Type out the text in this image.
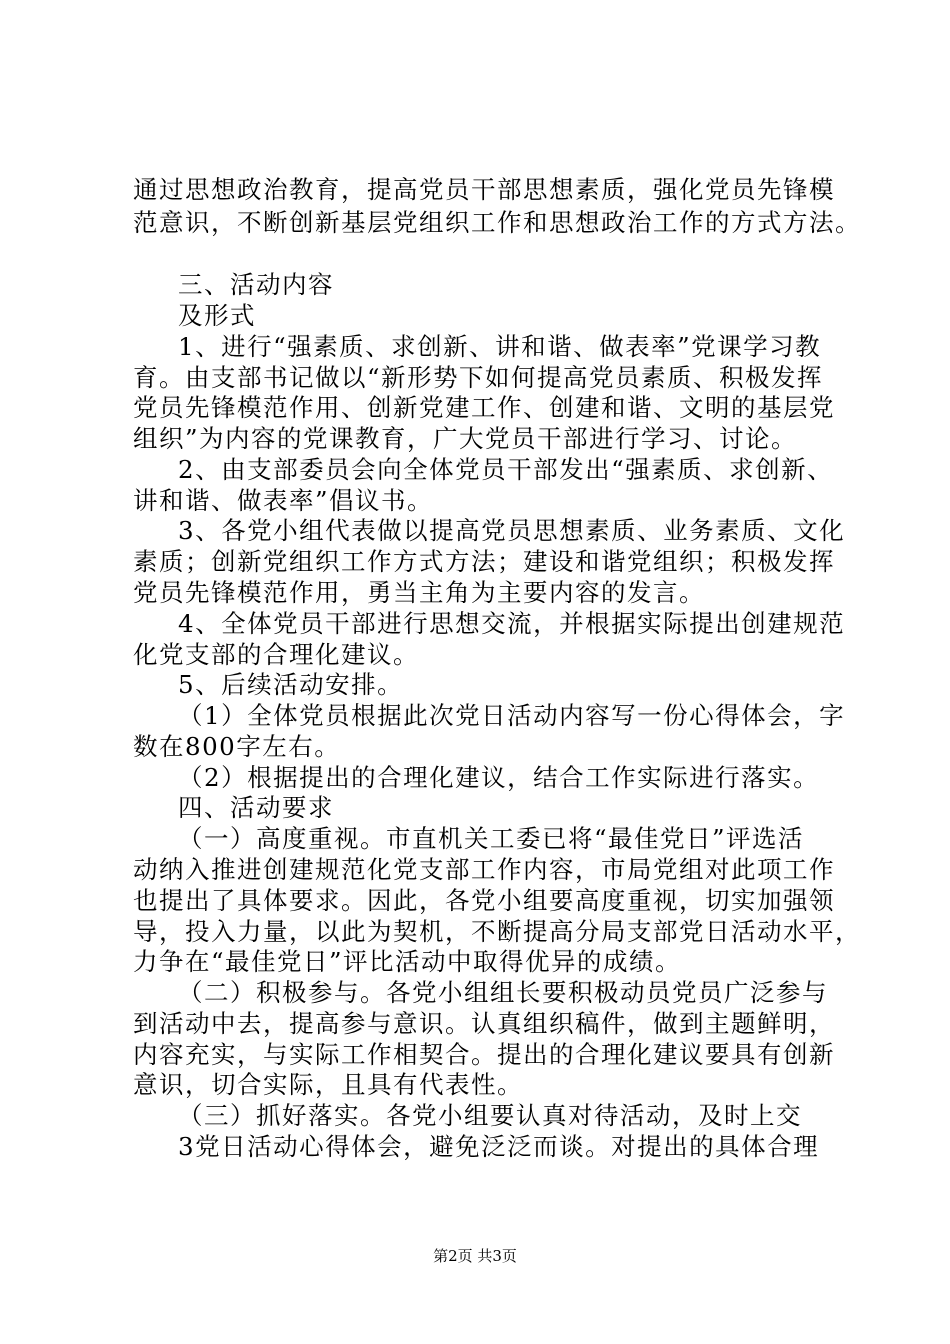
通过思想政治教育，提高党员干部思想素质，强化党员先锋模
范意识，不断创新基层党组织工作和思想政治工作的方式方法。
三、活动内容
及形式
1、进行“强素质、求创新、讲和谐、做表率”党课学习教
育。由支部书记做以“新形势下如何提高党员素质、积极发挥
党员先锋模范作用、创新党建工作、创建和谐、文明的基层党
组织”为内容的党课教育，广大党员干部进行学习、讨论。
2、由支部委员会向全体党员干部发出“强素质、求创新、
讲和谐、做表率”倡议书。
3、各党小组代表做以提高党员思想素质、业务素质、文化
素质；创新党组织工作方式方法；建设和谐党组织；积极发挥
党员先锋模范作用，勇当主角为主要内容的发言。
4、全体党员干部进行思想交流，并根据实际提出创建规范
化党支部的合理化建议。
5、后续活动安排。
（1）全体党员根据此次党日活动内容写一份心得体会，字
数在800字左右。
（2）根据提出的合理化建议，结合工作实际进行落实。
四、活动要求
（一）高度重视。市直机关工委已将“最佳党日”评选活
动纳入推进创建规范化党支部工作内容，市局党组对此项工作
也提出了具体要求。因此，各党小组要高度重视，切实加强领
导，投入力量，以此为契机，不断提高分局支部党日活动水平，
力争在“最佳党日”评比活动中取得优异的成绩。
（二）积极参与。各党小组组长要积极动员党员广泛参与
到活动中去，提高参与意识。认真组织稿件，做到主题鲜明，
内容充实，与实际工作相契合。提出的合理化建议要具有创新
意识，切合实际，且具有代表性。
（三）抓好落实。各党小组要认真对待活动，及时上交
3党日活动心得体会，避免泛泛而谈。对提出的具体合理
第2页 共3页
